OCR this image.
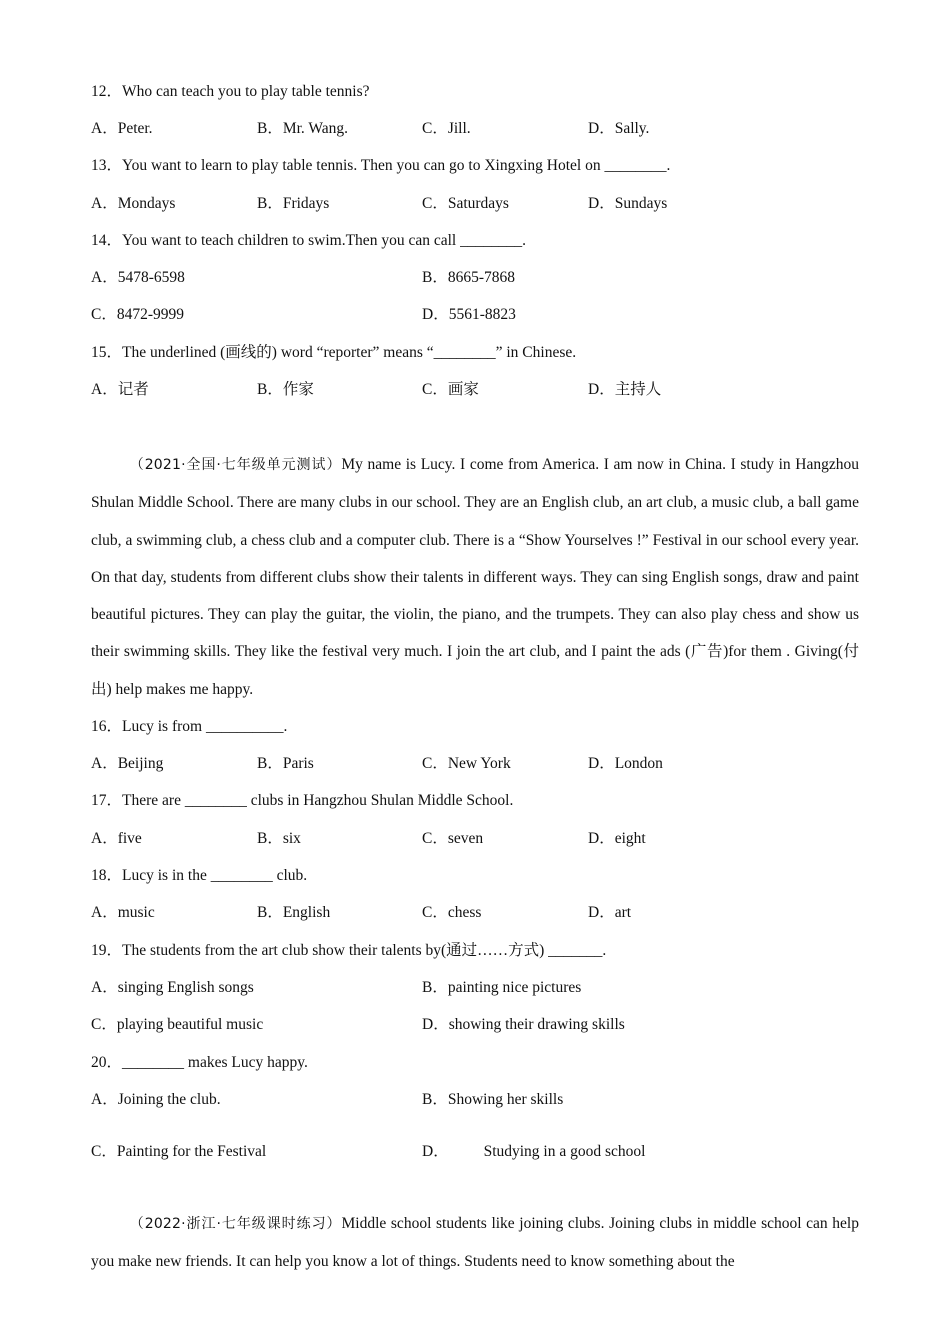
12．Who can teach you to play table tennis?
A．Peter.	B．Mr. Wang.	C．Jill.	D．Sally.
13．You want to learn to play table tennis. Then you can go to Xingxing Hotel on ________.
A．Mondays	B．Fridays	C．Saturdays	D．Sundays
14．You want to teach children to swim.Then you can call ________.
A．5478-6598	B．8665-7868
C．8472-9999	D．5561-8823
15．The underlined (画线的) word “reporter” means “________” in Chinese.
A．记者	B．作家	C．画家	D．主持人
（2021·全国·七年级单元测试）My name is Lucy. I come from America. I am now in China. I study in Hangzhou Shulan Middle School. There are many clubs in our school. They are an English club, an art club, a music club, a ball game club, a swimming club, a chess club and a computer club. There is a “Show Yourselves !” Festival in our school every year. On that day, students from different clubs show their talents in different ways. They can sing English songs, draw and paint beautiful pictures. They can play the guitar, the violin, the piano, and the trumpets. They can also play chess and show us their swimming skills. They like the festival very much. I join the art club, and I paint the ads (广告)for them . Giving(付出) help makes me happy.
16．Lucy is from __________.
A．Beijing	B．Paris	C．New York	D．London
17．There are ________ clubs in Hangzhou Shulan Middle School.
A．five	B．six	C．seven	D．eight
18．Lucy is in the ________ club.
A．music	B．English	C．chess	D．art
19．The students from the art club show their talents by(通过……方式) _______.
A．singing English songs	B．painting nice pictures
C．playing beautiful music	D．showing their drawing skills
20．________ makes Lucy happy.
A．Joining the club.	B．Showing her skills
C．Painting for the Festival	D．         Studying in a good school
（2022·浙江·七年级课时练习）Middle school students like joining clubs. Joining clubs in middle school can help you make new friends. It can help you know a lot of things. Students need to know something about the
